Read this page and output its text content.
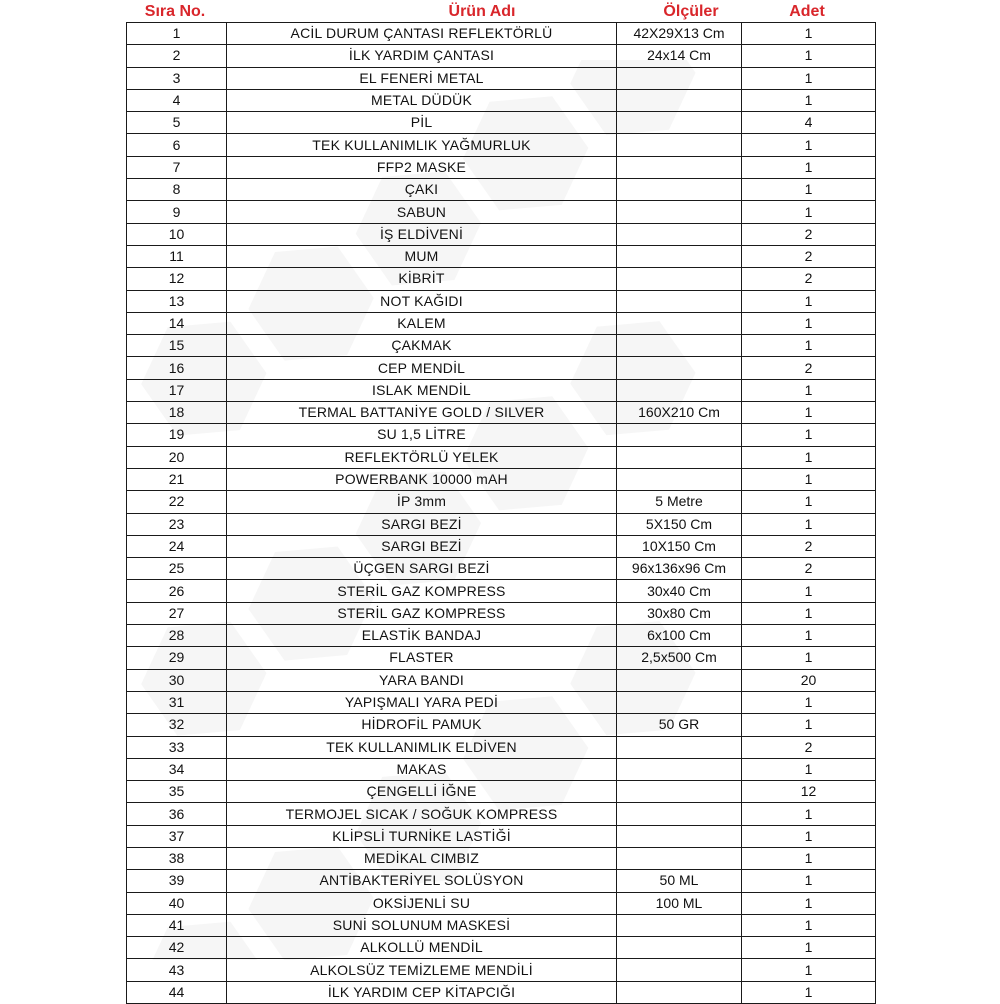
Sıra No.	Ürün Adı	Ölçüler	Adet
1	ACİL DURUM ÇANTASI REFLEKTÖRLÜ	42X29X13 Cm	1
2	İLK YARDIM ÇANTASI	24x14 Cm	1
3	EL FENERİ METAL		1
4	METAL DÜDÜK		1
5	PİL		4
6	TEK KULLANIMLIK YAĞMURLUK		1
7	FFP2 MASKE		1
8	ÇAKI		1
9	SABUN		1
10	İŞ ELDİVENİ		2
11	MUM		2
12	KİBRİT		2
13	NOT KAĞIDI		1
14	KALEM		1
15	ÇAKMAK		1
16	CEP MENDİL		2
17	ISLAK MENDİL		1
18	TERMAL BATTANİYE GOLD / SILVER	160X210 Cm	1
19	SU 1,5 LİTRE		1
20	REFLEKTÖRLÜ YELEK		1
21	POWERBANK 10000 mAH		1
22	İP 3mm	5 Metre	1
23	SARGI BEZİ	5X150 Cm	1
24	SARGI BEZİ	10X150 Cm	2
25	ÜÇGEN SARGI BEZİ	96x136x96 Cm	2
26	STERİL GAZ KOMPRESS	30x40 Cm	1
27	STERİL GAZ KOMPRESS	30x80 Cm	1
28	ELASTİK BANDAJ	6x100 Cm	1
29	FLASTER	2,5x500 Cm	1
30	YARA BANDI		20
31	YAPIŞMALI YARA PEDİ		1
32	HİDROFİL PAMUK	50 GR	1
33	TEK KULLANIMLIK ELDİVEN		2
34	MAKAS		1
35	ÇENGELLİ İĞNE		12
36	TERMOJEL SICAK / SOĞUK KOMPRESS		1
37	KLİPSLİ TURNİKE LASTİĞİ		1
38	MEDİKAL CIMBIZ		1
39	ANTİBAKTERİYEL SOLÜSYON	50 ML	1
40	OKSİJENLİ SU	100 ML	1
41	SUNİ SOLUNUM MASKESİ		1
42	ALKOLLÜ MENDİL		1
43	ALKOLSÜZ TEMİZLEME MENDİLİ		1
44	İLK YARDIM CEP KİTAPCIĞI		1
